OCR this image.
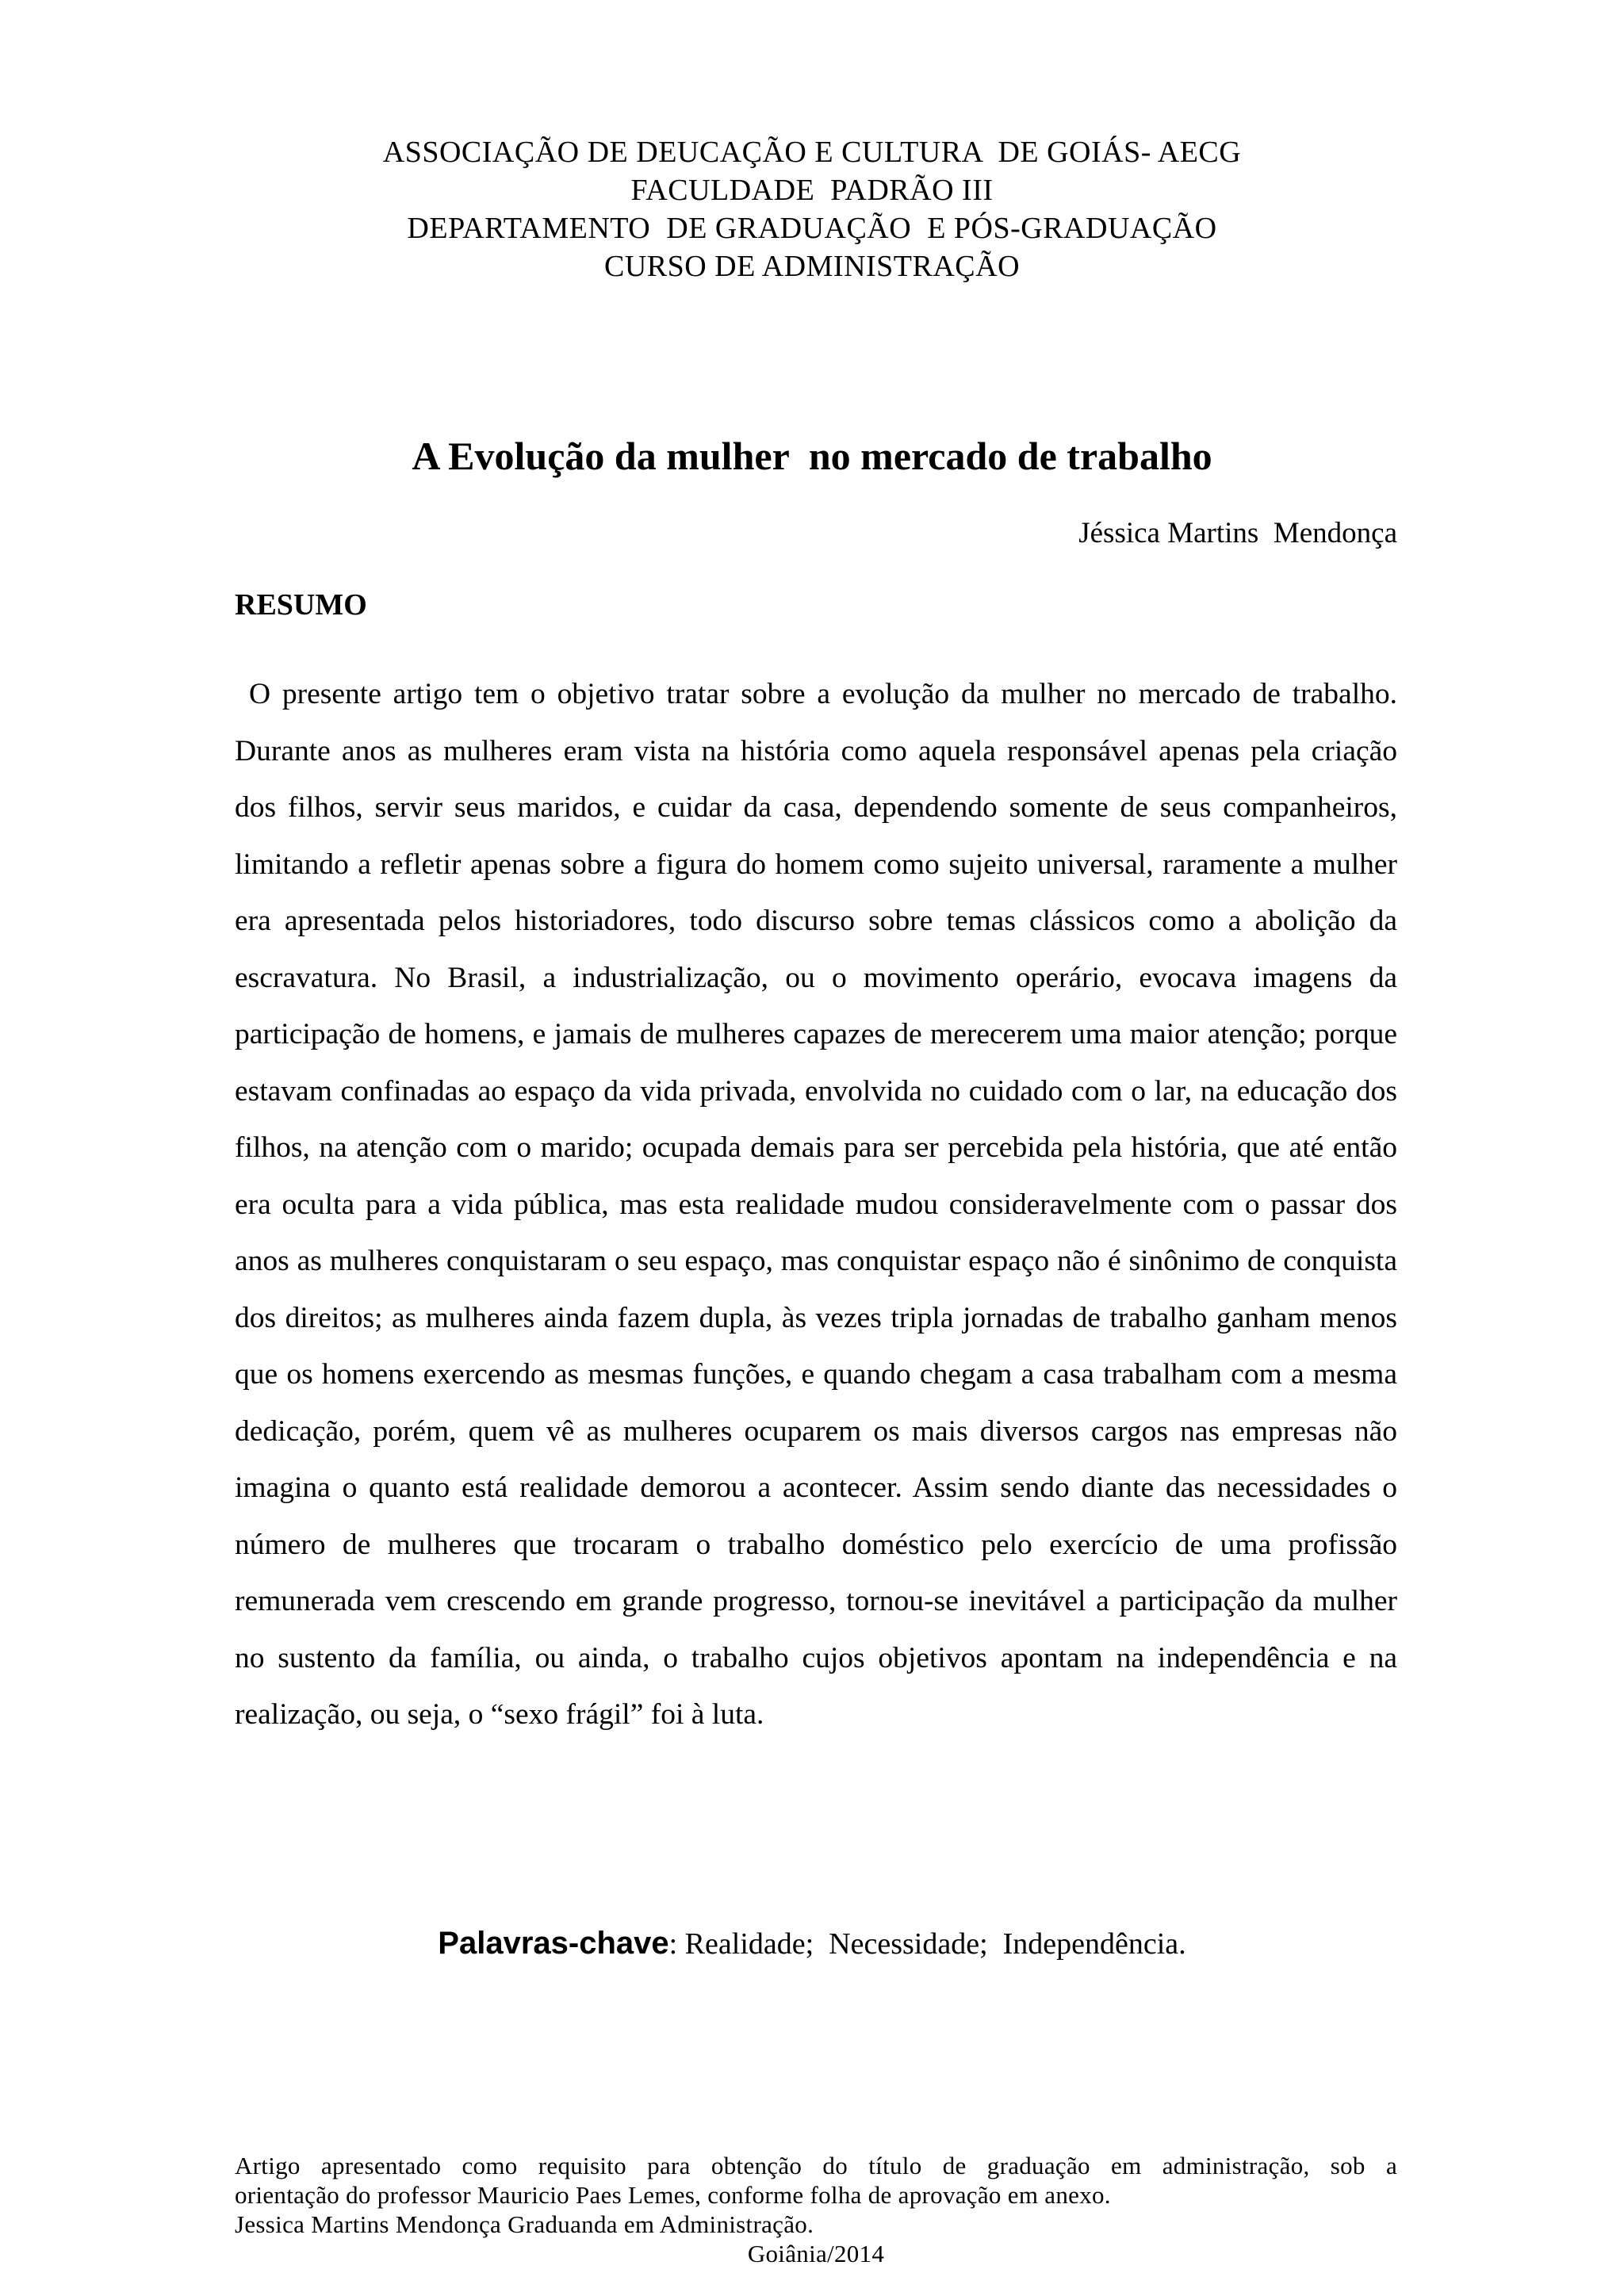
ASSOCIAÇÃO DE DEUCAÇÃO E CULTURA  DE GOIÁS- AECG
FACULDADE  PADRÃO III
DEPARTAMENTO  DE GRADUAÇÃO  E PÓS-GRADUAÇÃO
CURSO DE ADMINISTRAÇÃO
A Evolução da mulher  no mercado de trabalho
Jéssica Martins  Mendonça
RESUMO

O presente artigo tem o objetivo tratar sobre a evolução da mulher no mercado de trabalho. Durante anos as mulheres eram vista na história como aquela responsável apenas pela criação dos filhos, servir seus maridos, e cuidar da casa, dependendo somente de seus companheiros, limitando a refletir apenas sobre a figura do homem como sujeito universal, raramente a mulher era apresentada pelos historiadores, todo discurso sobre temas clássicos como a abolição da escravatura. No Brasil, a industrialização, ou o movimento operário, evocava imagens da participação de homens, e jamais de mulheres capazes de merecerem uma maior atenção; porque estavam confinadas ao espaço da vida privada, envolvida no cuidado com o lar, na educação dos filhos, na atenção com o marido; ocupada demais para ser percebida pela história, que até então era oculta para a vida pública, mas esta realidade mudou consideravelmente com o passar dos anos as mulheres conquistaram o seu espaço, mas conquistar espaço não é sinônimo de conquista dos direitos; as mulheres ainda fazem dupla, às vezes tripla jornadas de trabalho ganham menos que os homens exercendo as mesmas funções, e quando chegam a casa trabalham com a mesma dedicação, porém, quem vê as mulheres ocuparem os mais diversos cargos nas empresas não imagina o quanto está realidade demorou a acontecer. Assim sendo diante das necessidades o número de mulheres que trocaram o trabalho doméstico pelo exercício de uma profissão remunerada vem crescendo em grande progresso, tornou-se inevitável a participação da mulher no sustento da família, ou ainda, o trabalho cujos objetivos apontam na independência e na realização, ou seja, o “sexo frágil” foi à luta.

Palavras-chave: Realidade;  Necessidade;  Independência.
Artigo apresentado como requisito para obtenção do título de graduação em administração, sob a
orientação do professor Mauricio Paes Lemes, conforme folha de aprovação em anexo.
Jessica Martins Mendonça Graduanda em Administração.
Goiânia/2014
